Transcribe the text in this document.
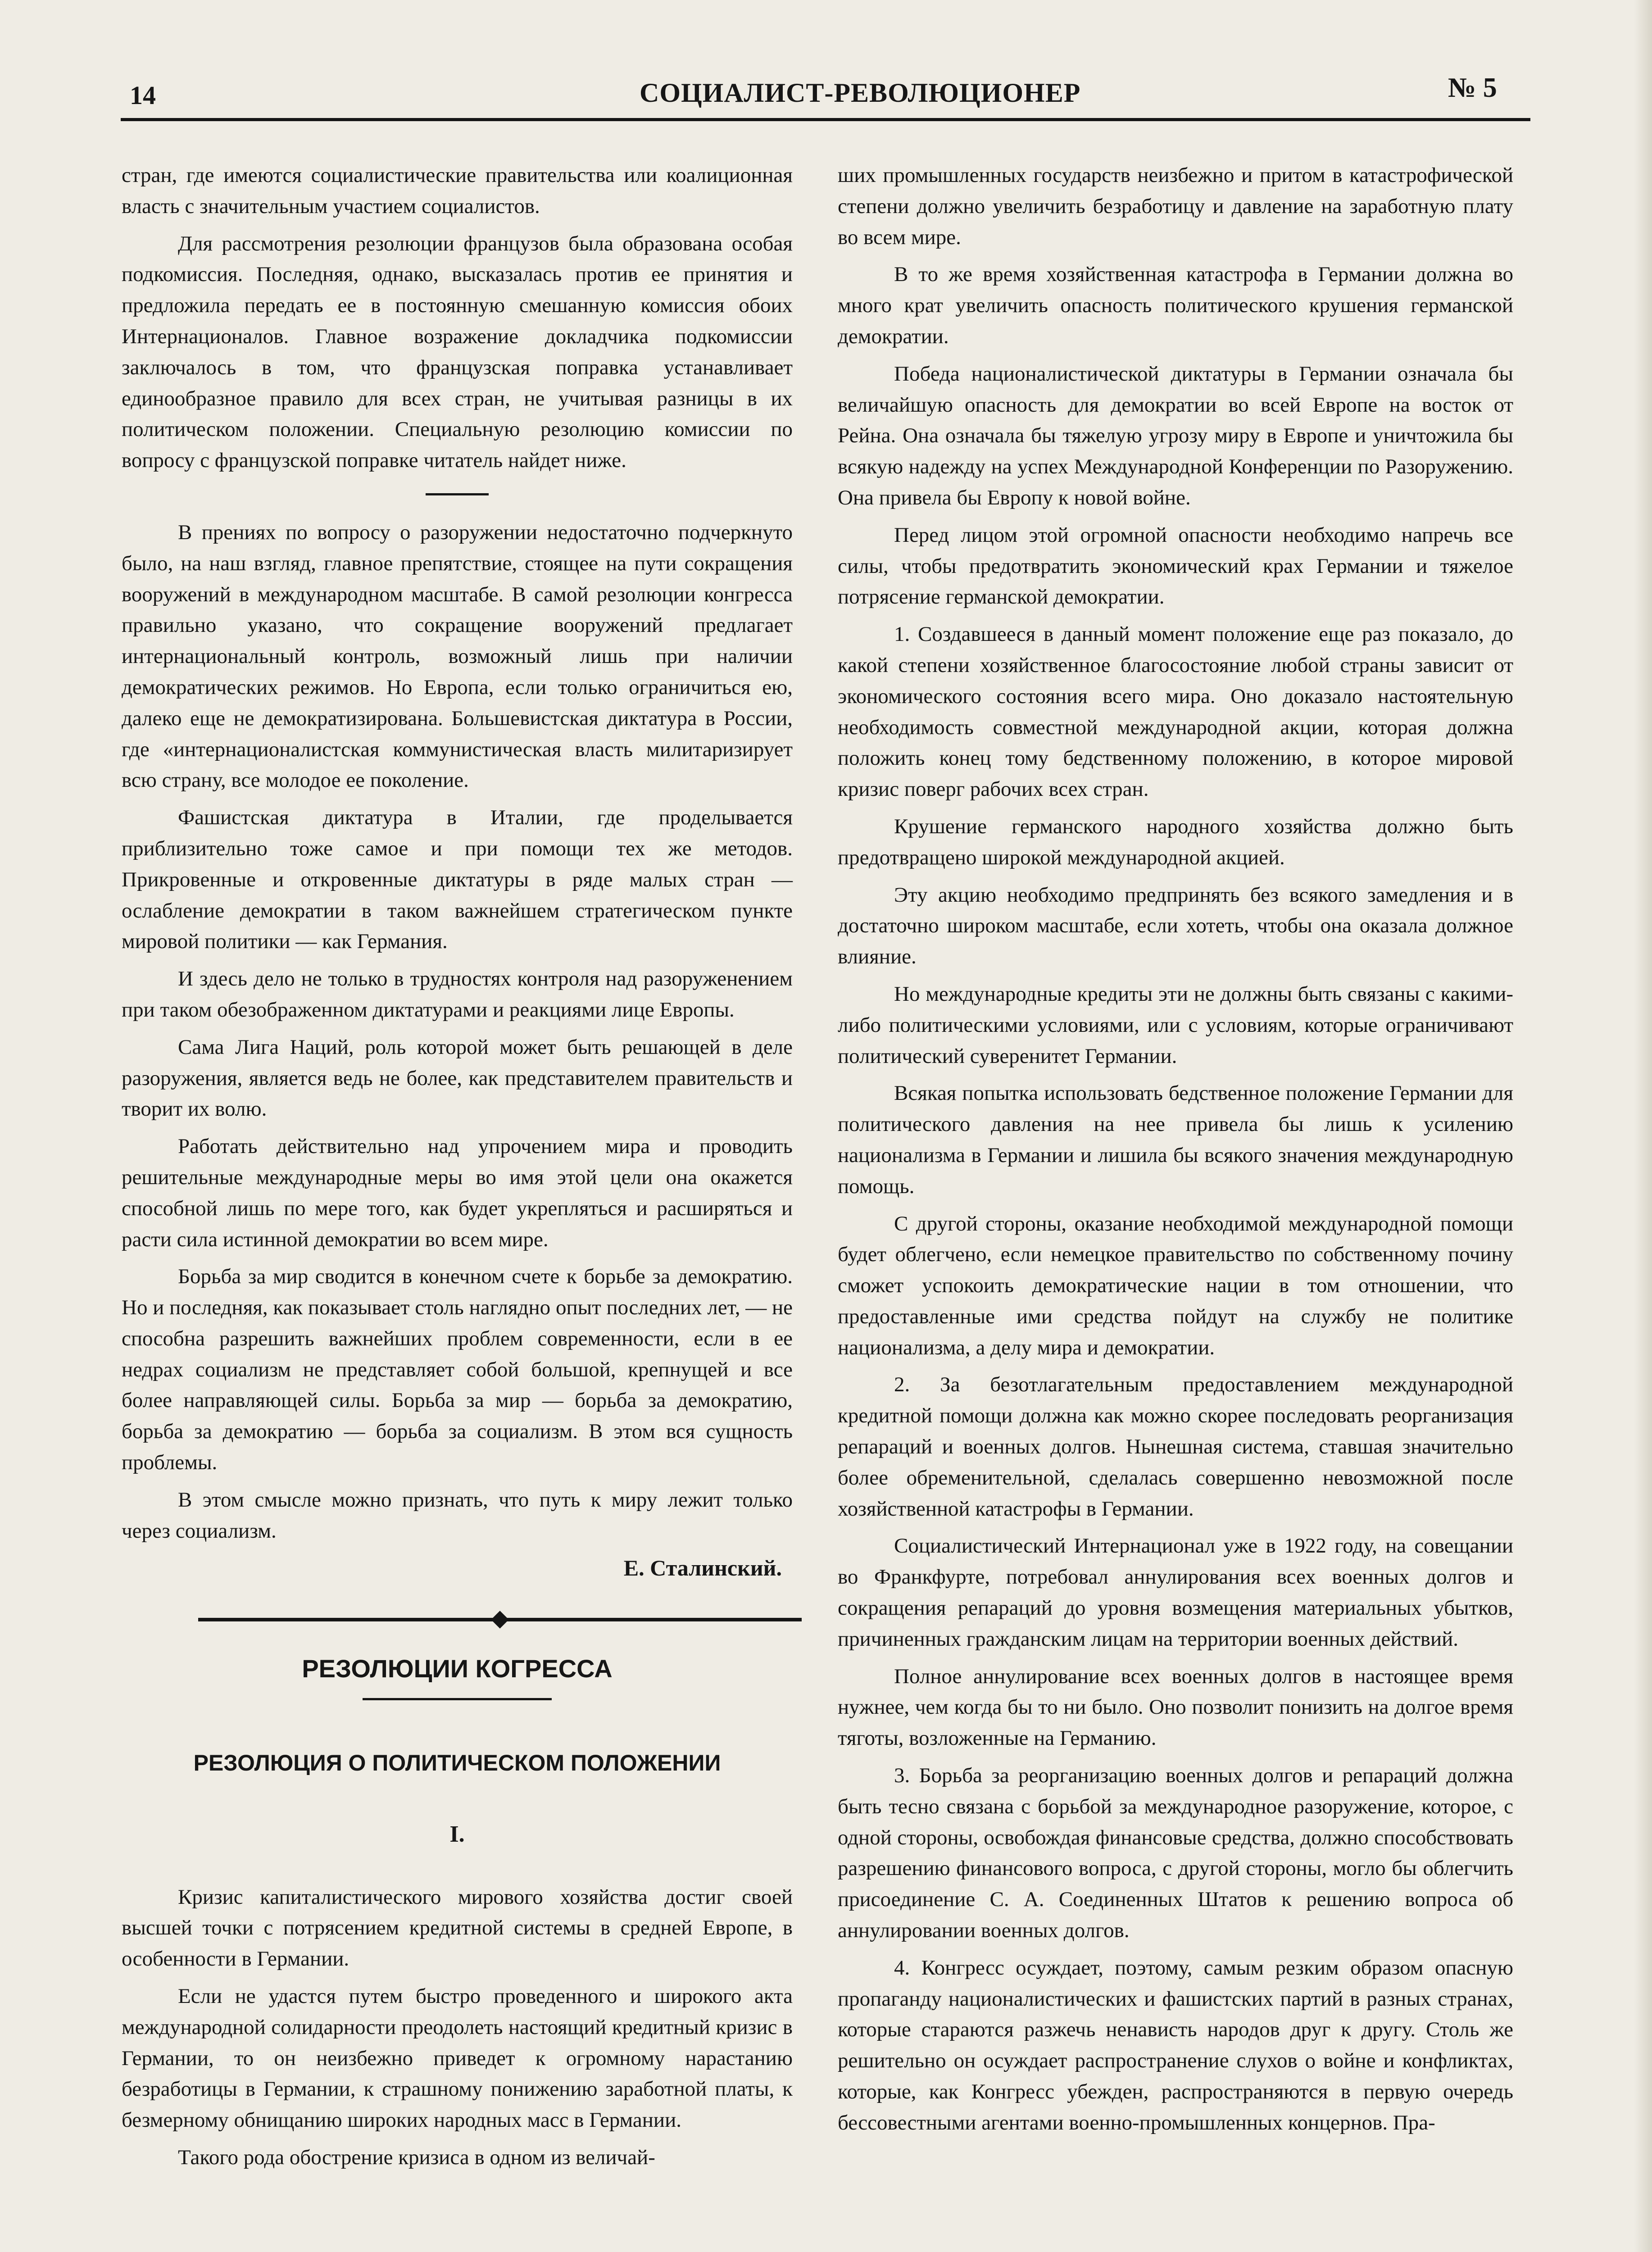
14	СОЦИАЛИСТ-РЕВОЛЮЦИОНЕР	№ 5

стран, где имеются социалистические правительства или коалиционная власть с значительным участием социалистов.

Для рассмотрения резолюции французов была образована особая подкомиссия. Последняя, однако, высказалась против ее принятия и предложила передать ее в постоянную смешанную комиссия обоих Интернационалов. Главное возражение докладчика подкомиссии заключалось в том, что французская поправка устанавливает единообразное правило для всех стран, не учитывая разницы в их политическом положении. Специальную резолюцию комиссии по вопросу с французской поправке читатель найдет ниже.

В прениях по вопросу о разоружении недостаточно подчеркнуто было, на наш взгляд, главное препятствие, стоящее на пути сокращения вооружений в международном масштабе. В самой резолюции конгресса правильно указано, что сокращение вооружений предлагает интернациональный контроль, возможный лишь при наличии демократических режимов. Но Европа, если только ограничиться ею, далеко еще не демократизирована. Большевистская диктатура в России, где «интернационалистская коммунистическая власть милитаризирует всю страну, все молодое ее поколение.

Фашистская диктатура в Италии, где проделывается приблизительно тоже самое и при помощи тех же методов. Прикровенные и откровенные диктатуры в ряде малых стран — ослабление демократии в таком важнейшем стратегическом пункте мировой политики — как Германия.

И здесь дело не только в трудностях контроля над разоруженением при таком обезображенном диктатурами и реакциями лице Европы.

Сама Лига Наций, роль которой может быть решающей в деле разоружения, является ведь не более, как представителем правительств и творит их волю.

Работать действительно над упрочением мира и проводить решительные международные меры во имя этой цели она окажется способной лишь по мере того, как будет укрепляться и расширяться и расти сила истинной демократии во всем мире.

Борьба за мир сводится в конечном счете к борьбе за демократию. Но и последняя, как показывает столь наглядно опыт последних лет, — не способна разрешить важнейших проблем современности, если в ее недрах социализм не представляет собой большой, крепнущей и все более направляющей силы. Борьба за мир — борьба за демократию, борьба за демократию — борьба за социализм. В этом вся сущность проблемы.

В этом смысле можно признать, что путь к миру лежит только через социализм.

Е. Сталинский.
РЕЗОЛЮЦИИ КОГРЕССА
РЕЗОЛЮЦИЯ О ПОЛИТИЧЕСКОМ ПОЛОЖЕНИИ
I.

Кризис капиталистического мирового хозяйства достиг своей высшей точки с потрясением кредитной системы в средней Европе, в особенности в Германии.

Если не удастся путем быстро проведенного и широкого акта международной солидарности преодолеть настоящий кредитный кризис в Германии, то он неизбежно приведет к огромному нарастанию безработицы в Германии, к страшному понижению заработной платы, к безмерному обнищанию широких народных масс в Германии.

Такого рода обострение кризиса в одном из величай-

ших промышленных государств неизбежно и притом в катастрофической степени должно увеличить безработицу и давление на заработную плату во всем мире.

В то же время хозяйственная катастрофа в Германии должна во много крат увеличить опасность политического крушения германской демократии.

Победа националистической диктатуры в Германии означала бы величайшую опасность для демократии во всей Европе на восток от Рейна. Она означала бы тяжелую угрозу миру в Европе и уничтожила бы всякую надежду на успех Международной Конференции по Разоружению. Она привела бы Европу к новой войне.

Перед лицом этой огромной опасности необходимо напречь все силы, чтобы предотвратить экономический крах Германии и тяжелое потрясение германской демократии.

1. Создавшееся в данный момент положение еще раз показало, до какой степени хозяйственное благосостояние любой страны зависит от экономического состояния всего мира. Оно доказало настоятельную необходимость совместной международной акции, которая должна положить конец тому бедственному положению, в которое мировой кризис поверг рабочих всех стран.

Крушение германского народного хозяйства должно быть предотвращено широкой международной акцией.

Эту акцию необходимо предпринять без всякого замедления и в достаточно широком масштабе, если хотеть, чтобы она оказала должное влияние.

Но международные кредиты эти не должны быть связаны с какими-либо политическими условиями, или с условиям, которые ограничивают политический суверенитет Германии.

Всякая попытка использовать бедственное положение Германии для политического давления на нее привела бы лишь к усилению национализма в Германии и лишила бы всякого значения международную помощь.

С другой стороны, оказание необходимой международной помощи будет облегчено, если немецкое правительство по собственному почину сможет успокоить демократические нации в том отношении, что предоставленные ими средства пойдут на службу не политике национализма, а делу мира и демократии.

2. За безотлагательным предоставлением международной кредитной помощи должна как можно скорее последовать реорганизация репараций и военных долгов. Нынешная система, ставшая значительно более обременительной, сделалась совершенно невозможной после хозяйственной катастрофы в Германии.

Социалистический Интернационал уже в 1922 году, на совещании во Франкфурте, потребовал аннулирования всех военных долгов и сокращения репараций до уровня возмещения материальных убытков, причиненных гражданским лицам на территории военных действий.

Полное аннулирование всех военных долгов в настоящее время нужнее, чем когда бы то ни было. Оно позволит понизить на долгое время тяготы, возложенные на Германию.

3. Борьба за реорганизацию военных долгов и репараций должна быть тесно связана с борьбой за международное разоружение, которое, с одной стороны, освобождая финансовые средства, должно способствовать разрешению финансового вопроса, с другой стороны, могло бы облегчить присоединение С. А. Соединенных Штатов к решению вопроса об аннулировании военных долгов.

4. Конгресс осуждает, поэтому, самым резким образом опасную пропаганду националистических и фашистских партий в разных странах, которые стараются разжечь ненависть народов друг к другу. Столь же решительно он осуждает распространение слухов о войне и конфликтах, которые, как Конгресс убежден, распространяются в первую очередь бессовестными агентами военно-промышленных концернов. Пра-
